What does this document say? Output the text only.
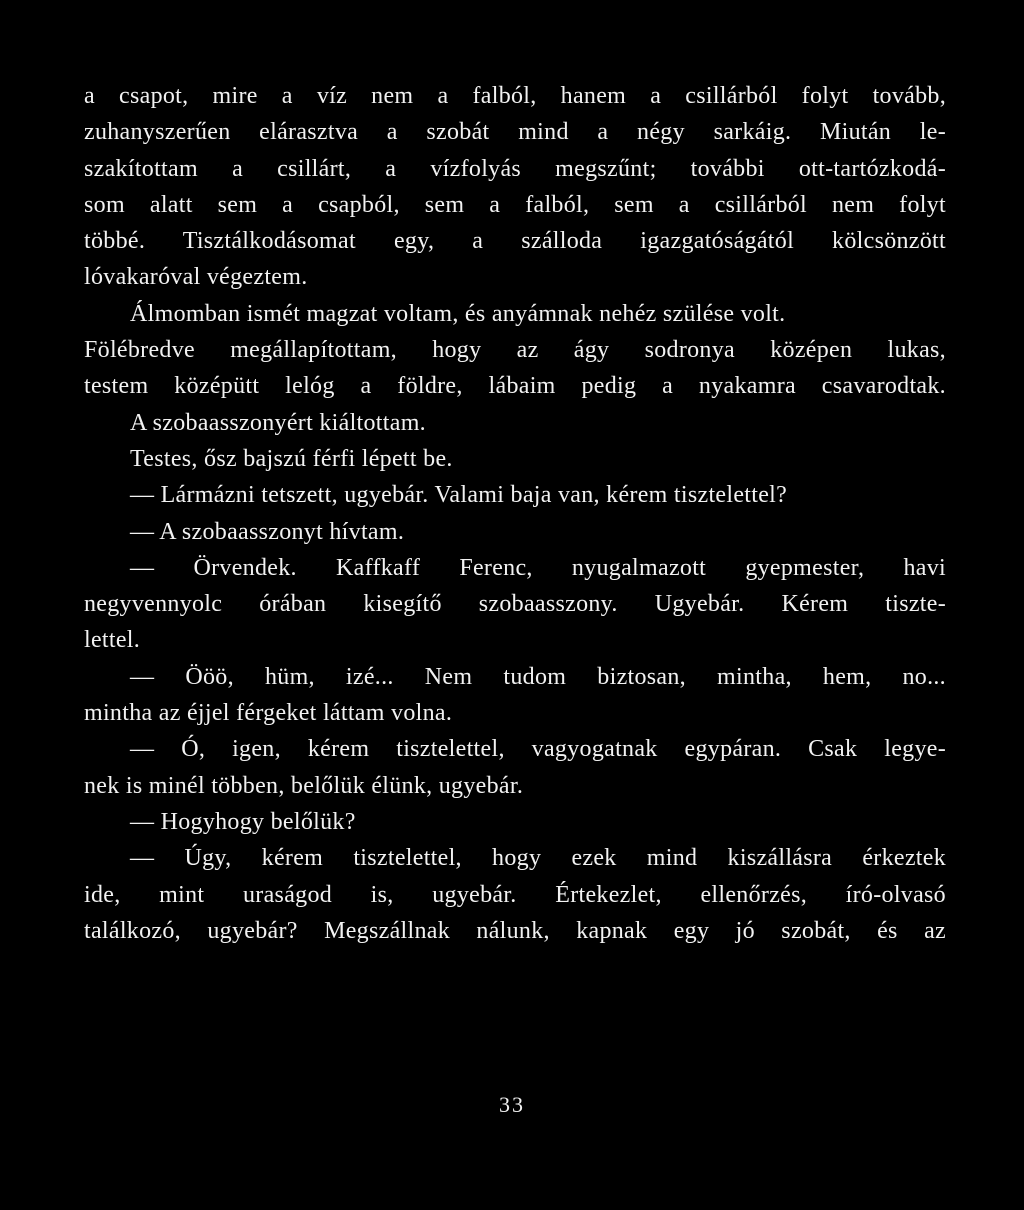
a csapot, mire a víz nem a falból, hanem a csillárból folyt tovább,
zuhanyszerűen elárasztva a szobát mind a négy sarkáig. Miután le-
szakítottam a csillárt, a vízfolyás megszűnt; további ott-tartózkodá-
som alatt sem a csapból, sem a falból, sem a csillárból nem folyt
többé. Tisztálkodásomat egy, a szálloda igazgatóságától kölcsönzött
lóvakaróval végeztem.
Álmomban ismét magzat voltam, és anyámnak nehéz szülése volt.
Fölébredve megállapítottam, hogy az ágy sodronya középen lukas,
testem középütt lelóg a földre, lábaim pedig a nyakamra csavarodtak.
A szobaasszonyért kiáltottam.
Testes, ősz bajszú férfi lépett be.
— Lármázni tetszett, ugyebár. Valami baja van, kérem tisztelettel?
— A szobaasszonyt hívtam.
— Örvendek. Kaffkaff Ferenc, nyugalmazott gyepmester, havi
negyvennyolc órában kisegítő szobaasszony. Ugyebár. Kérem tiszte-
lettel.
— Ööö, hüm, izé... Nem tudom biztosan, mintha, hem, no...
mintha az éjjel férgeket láttam volna.
— Ó, igen, kérem tisztelettel, vagyogatnak egypáran. Csak legye-
nek is minél többen, belőlük élünk, ugyebár.
— Hogyhogy belőlük?
— Úgy, kérem tisztelettel, hogy ezek mind kiszállásra érkeztek
ide, mint uraságod is, ugyebár. Értekezlet, ellenőrzés, író-olvasó
találkozó, ugyebár? Megszállnak nálunk, kapnak egy jó szobát, és az
33
